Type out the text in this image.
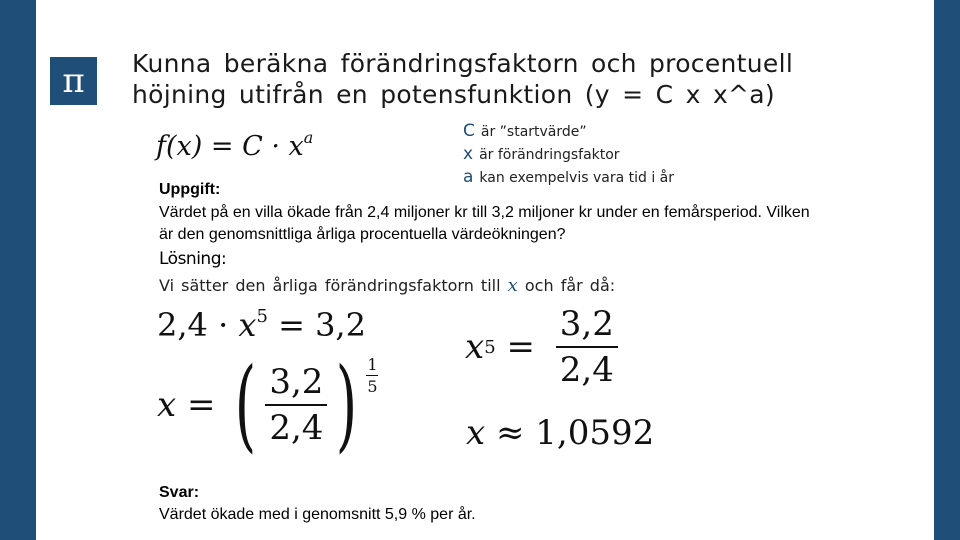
π Kunna beräkna förändringsfaktorn och procentuell höjning utifrån en potensfunktion (y = C x x^a)
$f(x) = C \cdot x^a$	C är ”startvärde”
x är förändringsfaktor
a kan exempelvis vara tid i år
Uppgift:
Värdet på en villa ökade från 2,4 miljoner kr till 3,2 miljoner kr under en femårsperiod. Vilken är den genomsnittliga årliga procentuella värdeökningen?
Lösning:
Vi sätter den årliga förändringsfaktorn till x och får då:
$2,4 \cdot x^5 = 3,2$
x $5 = \frac{3,2}{2,4}$
x = ( $\frac{3,2}{2,4}$ ) $\frac{1}{5}$
x ≈ 1,0592
Svar:
Värdet ökade med i genomsnitt 5,9 % per år.
